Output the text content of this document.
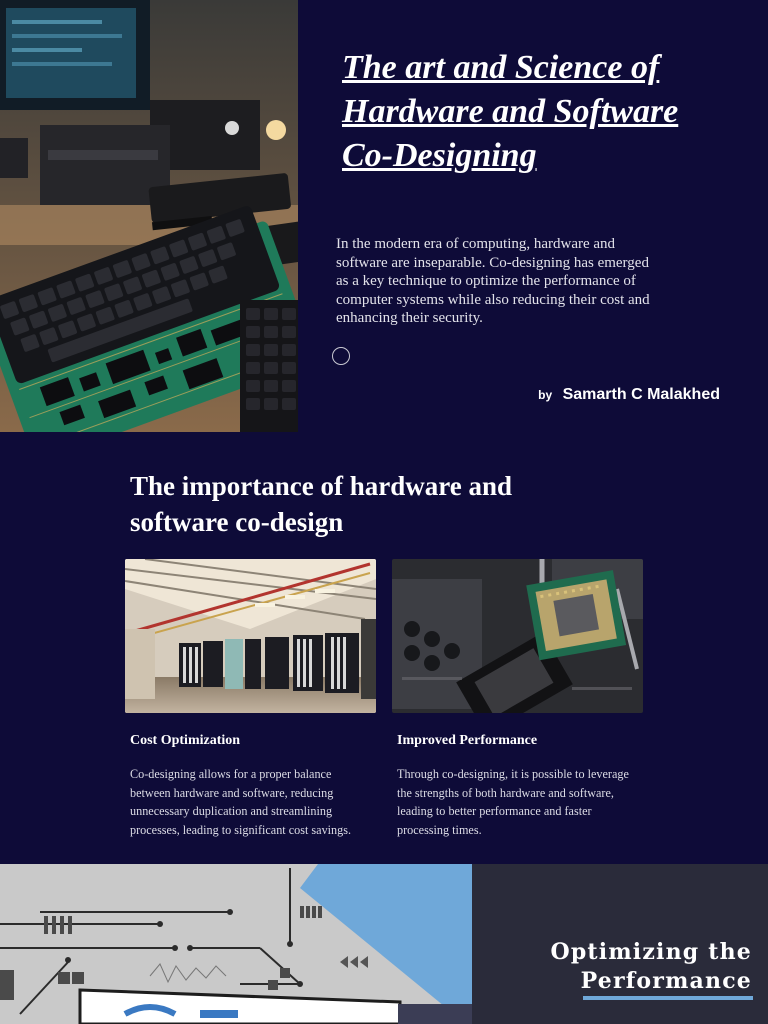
The art and Science of
Hardware and Software
Co-Designing

In the modern era of computing, hardware and software are inseparable. Co-designing has emerged as a key technique to optimize the performance of computer systems while also reducing their cost and enhancing their security.

by Samarth C Malakhed
The importance of hardware and
software co-design
Cost Optimization
Co-designing allows for a proper balance between hardware and software, reducing unnecessary duplication and streamlining processes, leading to significant cost savings.
Improved Performance
Through co-designing, it is possible to leverage the strengths of both hardware and software, leading to better performance and faster processing times.
Optimizing the
Performance
